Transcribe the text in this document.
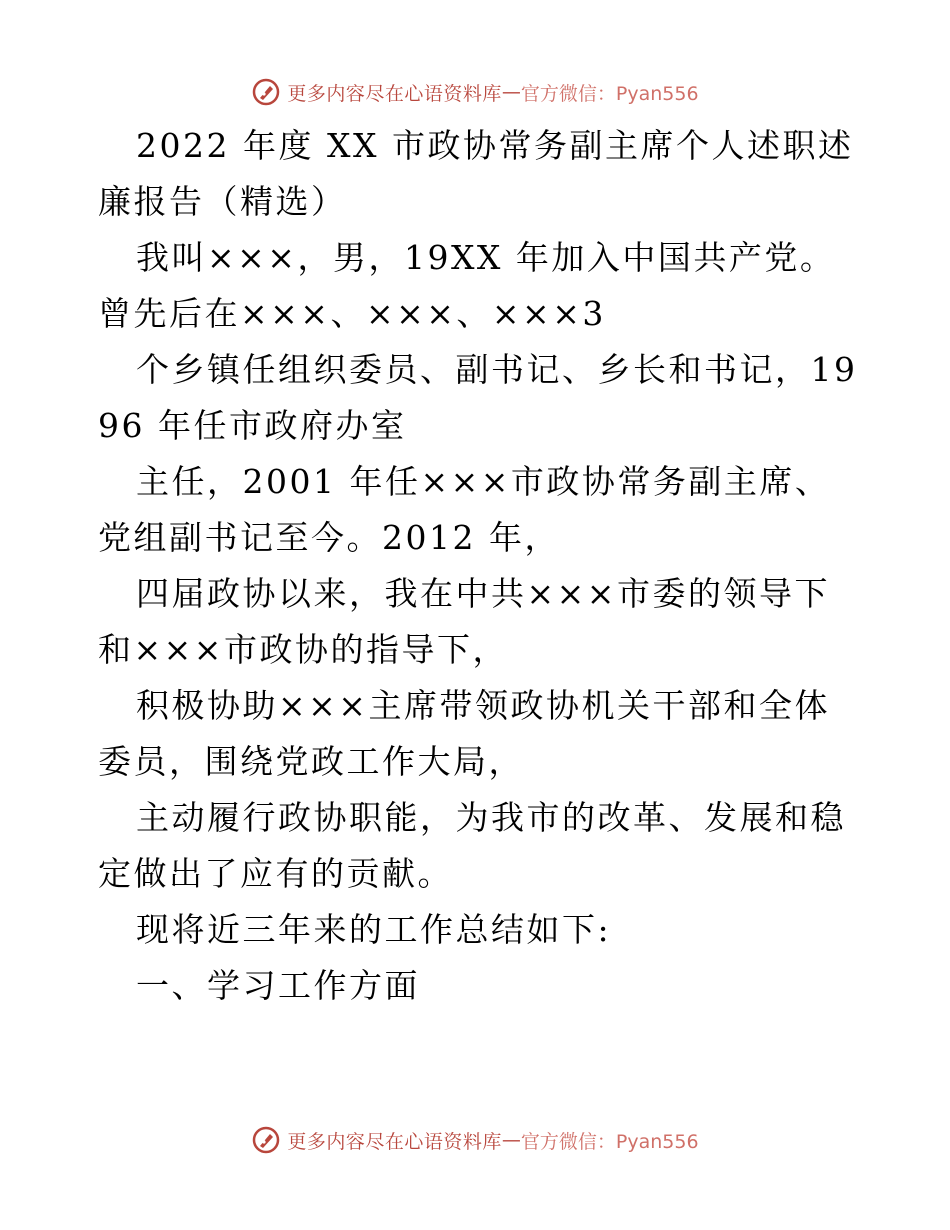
更多内容尽在心语资料库 — 官方微信：Pyan556

2022 年度 XX 市政协常务副主席个人述职述廉报告（精选）

我叫×××，男，19XX 年加入中国共产党。曾先后在×××、×××、×××3

个乡镇任组织委员、副书记、乡长和书记，1996 年任市政府办室

主任，2001 年任×××市政协常务副主席、党组副书记至今。2012 年，

四届政协以来，我在中共×××市委的领导下和×××市政协的指导下，

积极协助×××主席带领政协机关干部和全体委员，围绕党政工作大局，

主动履行政协职能，为我市的改革、发展和稳定做出了应有的贡献。

现将近三年来的工作总结如下:

一、学习工作方面

更多内容尽在心语资料库 — 官方微信：Pyan556
